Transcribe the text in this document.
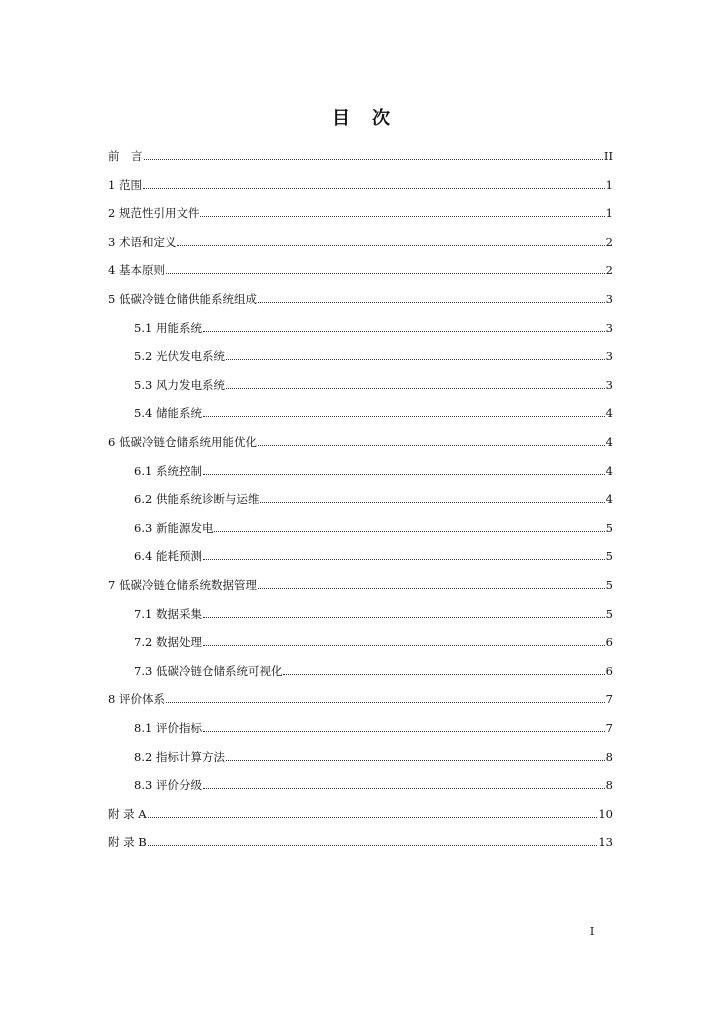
目　次
前　言	II
1 范围	1
2 规范性引用文件	1
3 术语和定义	2
4 基本原则	2
5 低碳冷链仓储供能系统组成	3
5.1 用能系统	3
5.2 光伏发电系统	3
5.3 风力发电系统	3
5.4 储能系统	4
6 低碳冷链仓储系统用能优化	4
6.1 系统控制	4
6.2 供能系统诊断与运维	4
6.3 新能源发电	5
6.4 能耗预测	5
7 低碳冷链仓储系统数据管理	5
7.1 数据采集	5
7.2 数据处理	6
7.3 低碳冷链仓储系统可视化	6
8 评价体系	7
8.1 评价指标	7
8.2 指标计算方法	8
8.3 评价分级	8
附 录 A	10
附 录 B	13
I
